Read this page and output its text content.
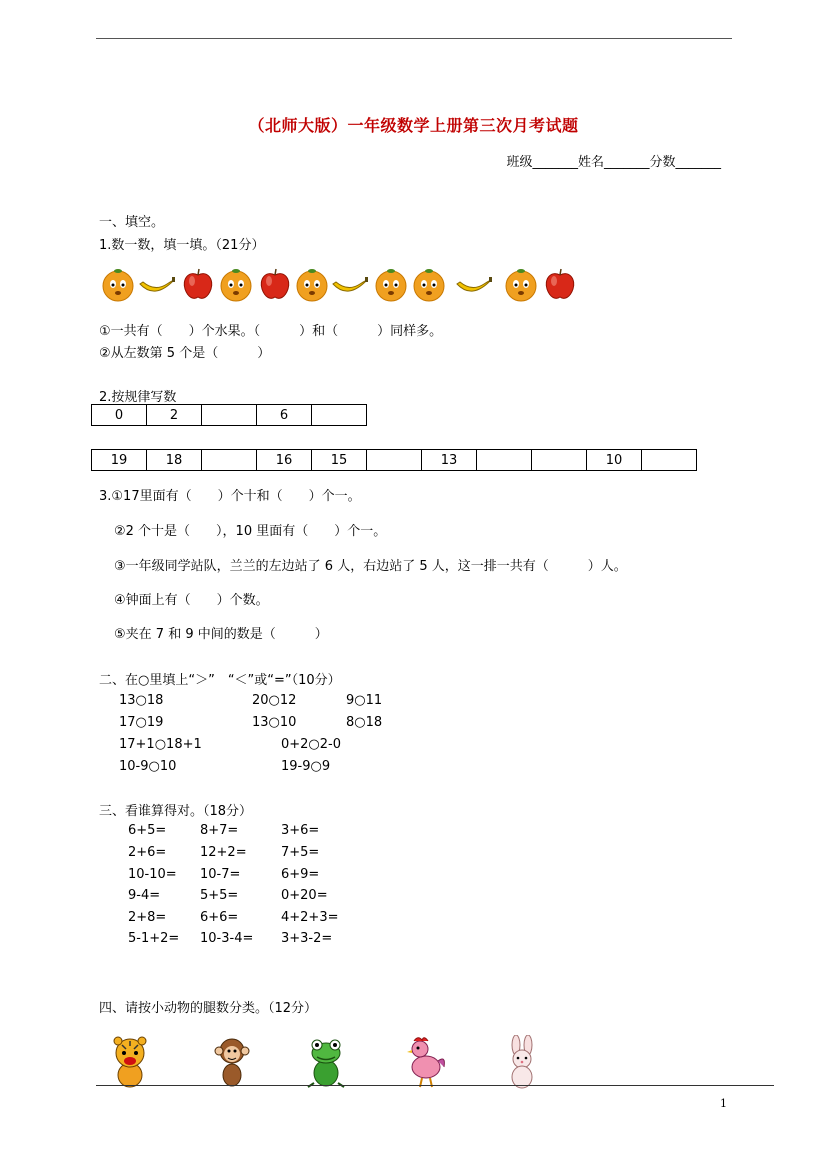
（北师大版）一年级数学上册第三次月考试题
班级_______姓名_______分数_______
一、填空。
1.数一数，填一填。（21分）
①一共有（　　）个水果。（　　　）和（　　　）同样多。
②从左数第 5 个是（　　　）
2.按规律写数
0	2		6	
19	18		16	15		13			10	
3.①17里面有（　　）个十和（　　）个一。
②2 个十是（　　），10 里面有（　　）个一。
③一年级同学站队，兰兰的左边站了 6 人，右边站了 5 人，这一排一共有（　　　）人。
④钟面上有（　　）个数。
⑤夹在 7 和 9 中间的数是（　　　）
二、在○里填上“＞”　“＜”或“=”（10分）
13○18	20○12	9○11
17○19	13○10	8○18
17+1○18+1	0+2○2-0
10-9○10	19-9○9
三、看谁算得对。（18分）
6+5=	8+7=	3+6=
2+6=	12+2=	7+5=
10-10= 10-7=	6+9=
9-4=	5+5=	0+20=
2+8=	6+6=	4+2+3=
5-1+2= 10-3-4= 3+3-2=
四、请按小动物的腿数分类。（12分）
1
